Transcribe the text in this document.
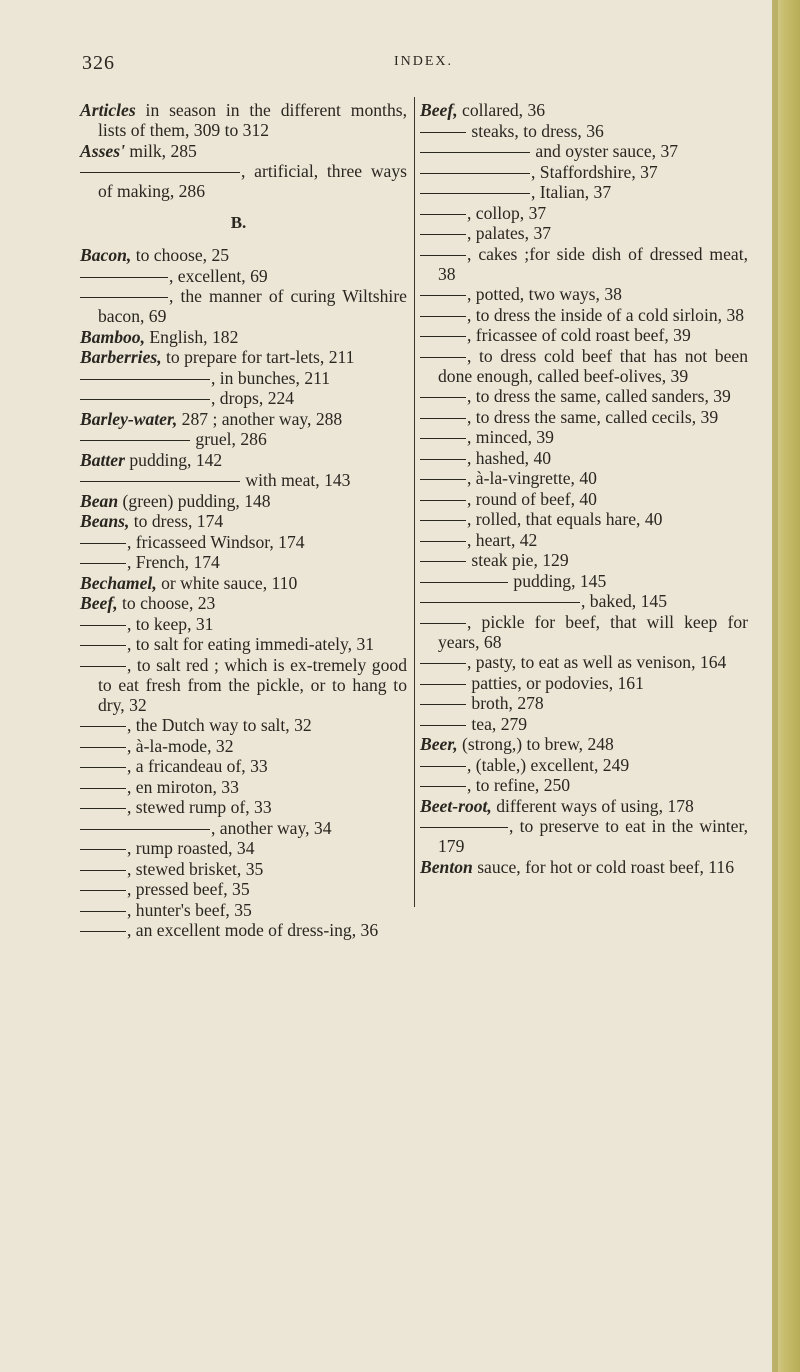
326	INDEX.
Articles in season in the different months, lists of them, 309 to 312
Asses' milk, 285
, artificial, three ways of making, 286
B.
Bacon, to choose, 25
, excellent, 69
, the manner of curing Wiltshire bacon, 69
Bamboo, English, 182
Barberries, to prepare for tart-lets, 211
, in bunches, 211
, drops, 224
Barley-water, 287 ; another way, 288
gruel, 286
Batter pudding, 142
with meat, 143
Bean (green) pudding, 148
Beans, to dress, 174
, fricasseed Windsor, 174
, French, 174
Bechamel, or white sauce, 110
Beef, to choose, 23
, to keep, 31
, to salt for eating immedi-ately, 31
, to salt red ; which is ex-tremely good to eat fresh from the pickle, or to hang to dry, 32
, the Dutch way to salt, 32
, à-la-mode, 32
, a fricandeau of, 33
, en miroton, 33
, stewed rump of, 33
, another way, 34
, rump roasted, 34
, stewed brisket, 35
, pressed beef, 35
, hunter's beef, 35
, an excellent mode of dress-ing, 36
Beef, collared, 36
steaks, to dress, 36
and oyster sauce, 37
, Staffordshire, 37
, Italian, 37
, collop, 37
, palates, 37
, cakes ;for side dish of dressed meat, 38
, potted, two ways, 38
, to dress the inside of a cold sirloin, 38
, fricassee of cold roast beef, 39
, to dress cold beef that has not been done enough, called beef-olives, 39
, to dress the same, called sanders, 39
, to dress the same, called cecils, 39
, minced, 39
, hashed, 40
, à-la-vingrette, 40
, round of beef, 40
, rolled, that equals hare, 40
, heart, 42
steak pie, 129
pudding, 145
, baked, 145
, pickle for beef, that will keep for years, 68
, pasty, to eat as well as venison, 164
patties, or podovies, 161
broth, 278
tea, 279
Beer, (strong,) to brew, 248
, (table,) excellent, 249
, to refine, 250
Beet-root, different ways of using, 178
, to preserve to eat in the winter, 179
Benton sauce, for hot or cold roast beef, 116
